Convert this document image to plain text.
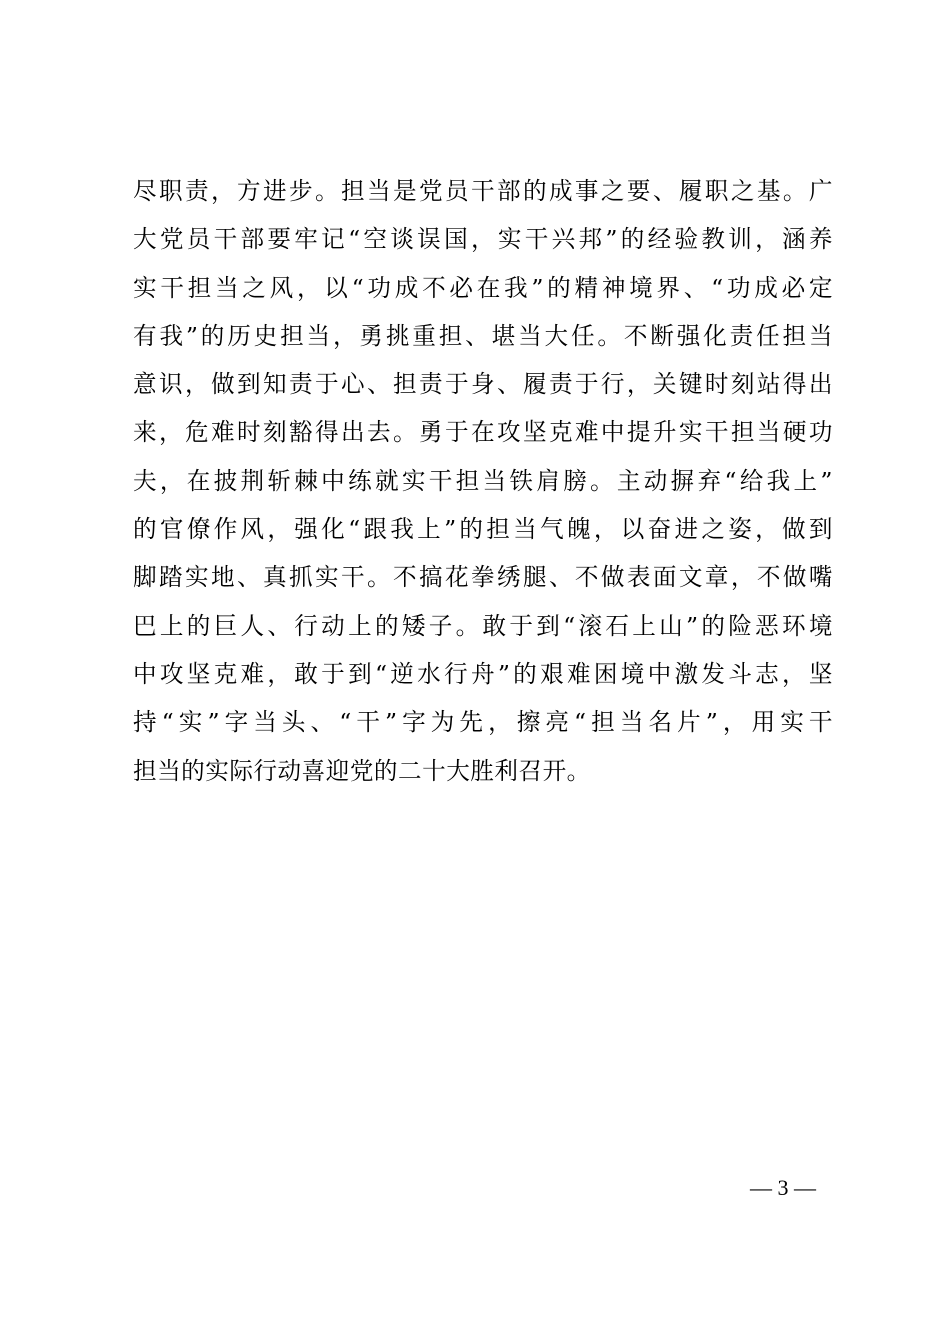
尽职责，方进步。担当是党员干部的成事之要、履职之基。广
大党员干部要牢记“空谈误国，实干兴邦”的经验教训，涵养
实干担当之风，以“功成不必在我”的精神境界、“功成必定
有我”的历史担当，勇挑重担、堪当大任。不断强化责任担当
意识，做到知责于心、担责于身、履责于行，关键时刻站得出
来，危难时刻豁得出去。勇于在攻坚克难中提升实干担当硬功
夫，在披荆斩棘中练就实干担当铁肩膀。主动摒弃“给我上”
的官僚作风，强化“跟我上”的担当气魄，以奋进之姿，做到
脚踏实地、真抓实干。不搞花拳绣腿、不做表面文章，不做嘴
巴上的巨人、行动上的矮子。敢于到“滚石上山”的险恶环境
中攻坚克难，敢于到“逆水行舟”的艰难困境中激发斗志，坚
持“实”字当头、“干”字为先，擦亮“担当名片”，用实干
担当的实际行动喜迎党的二十大胜利召开。
— 3 —
